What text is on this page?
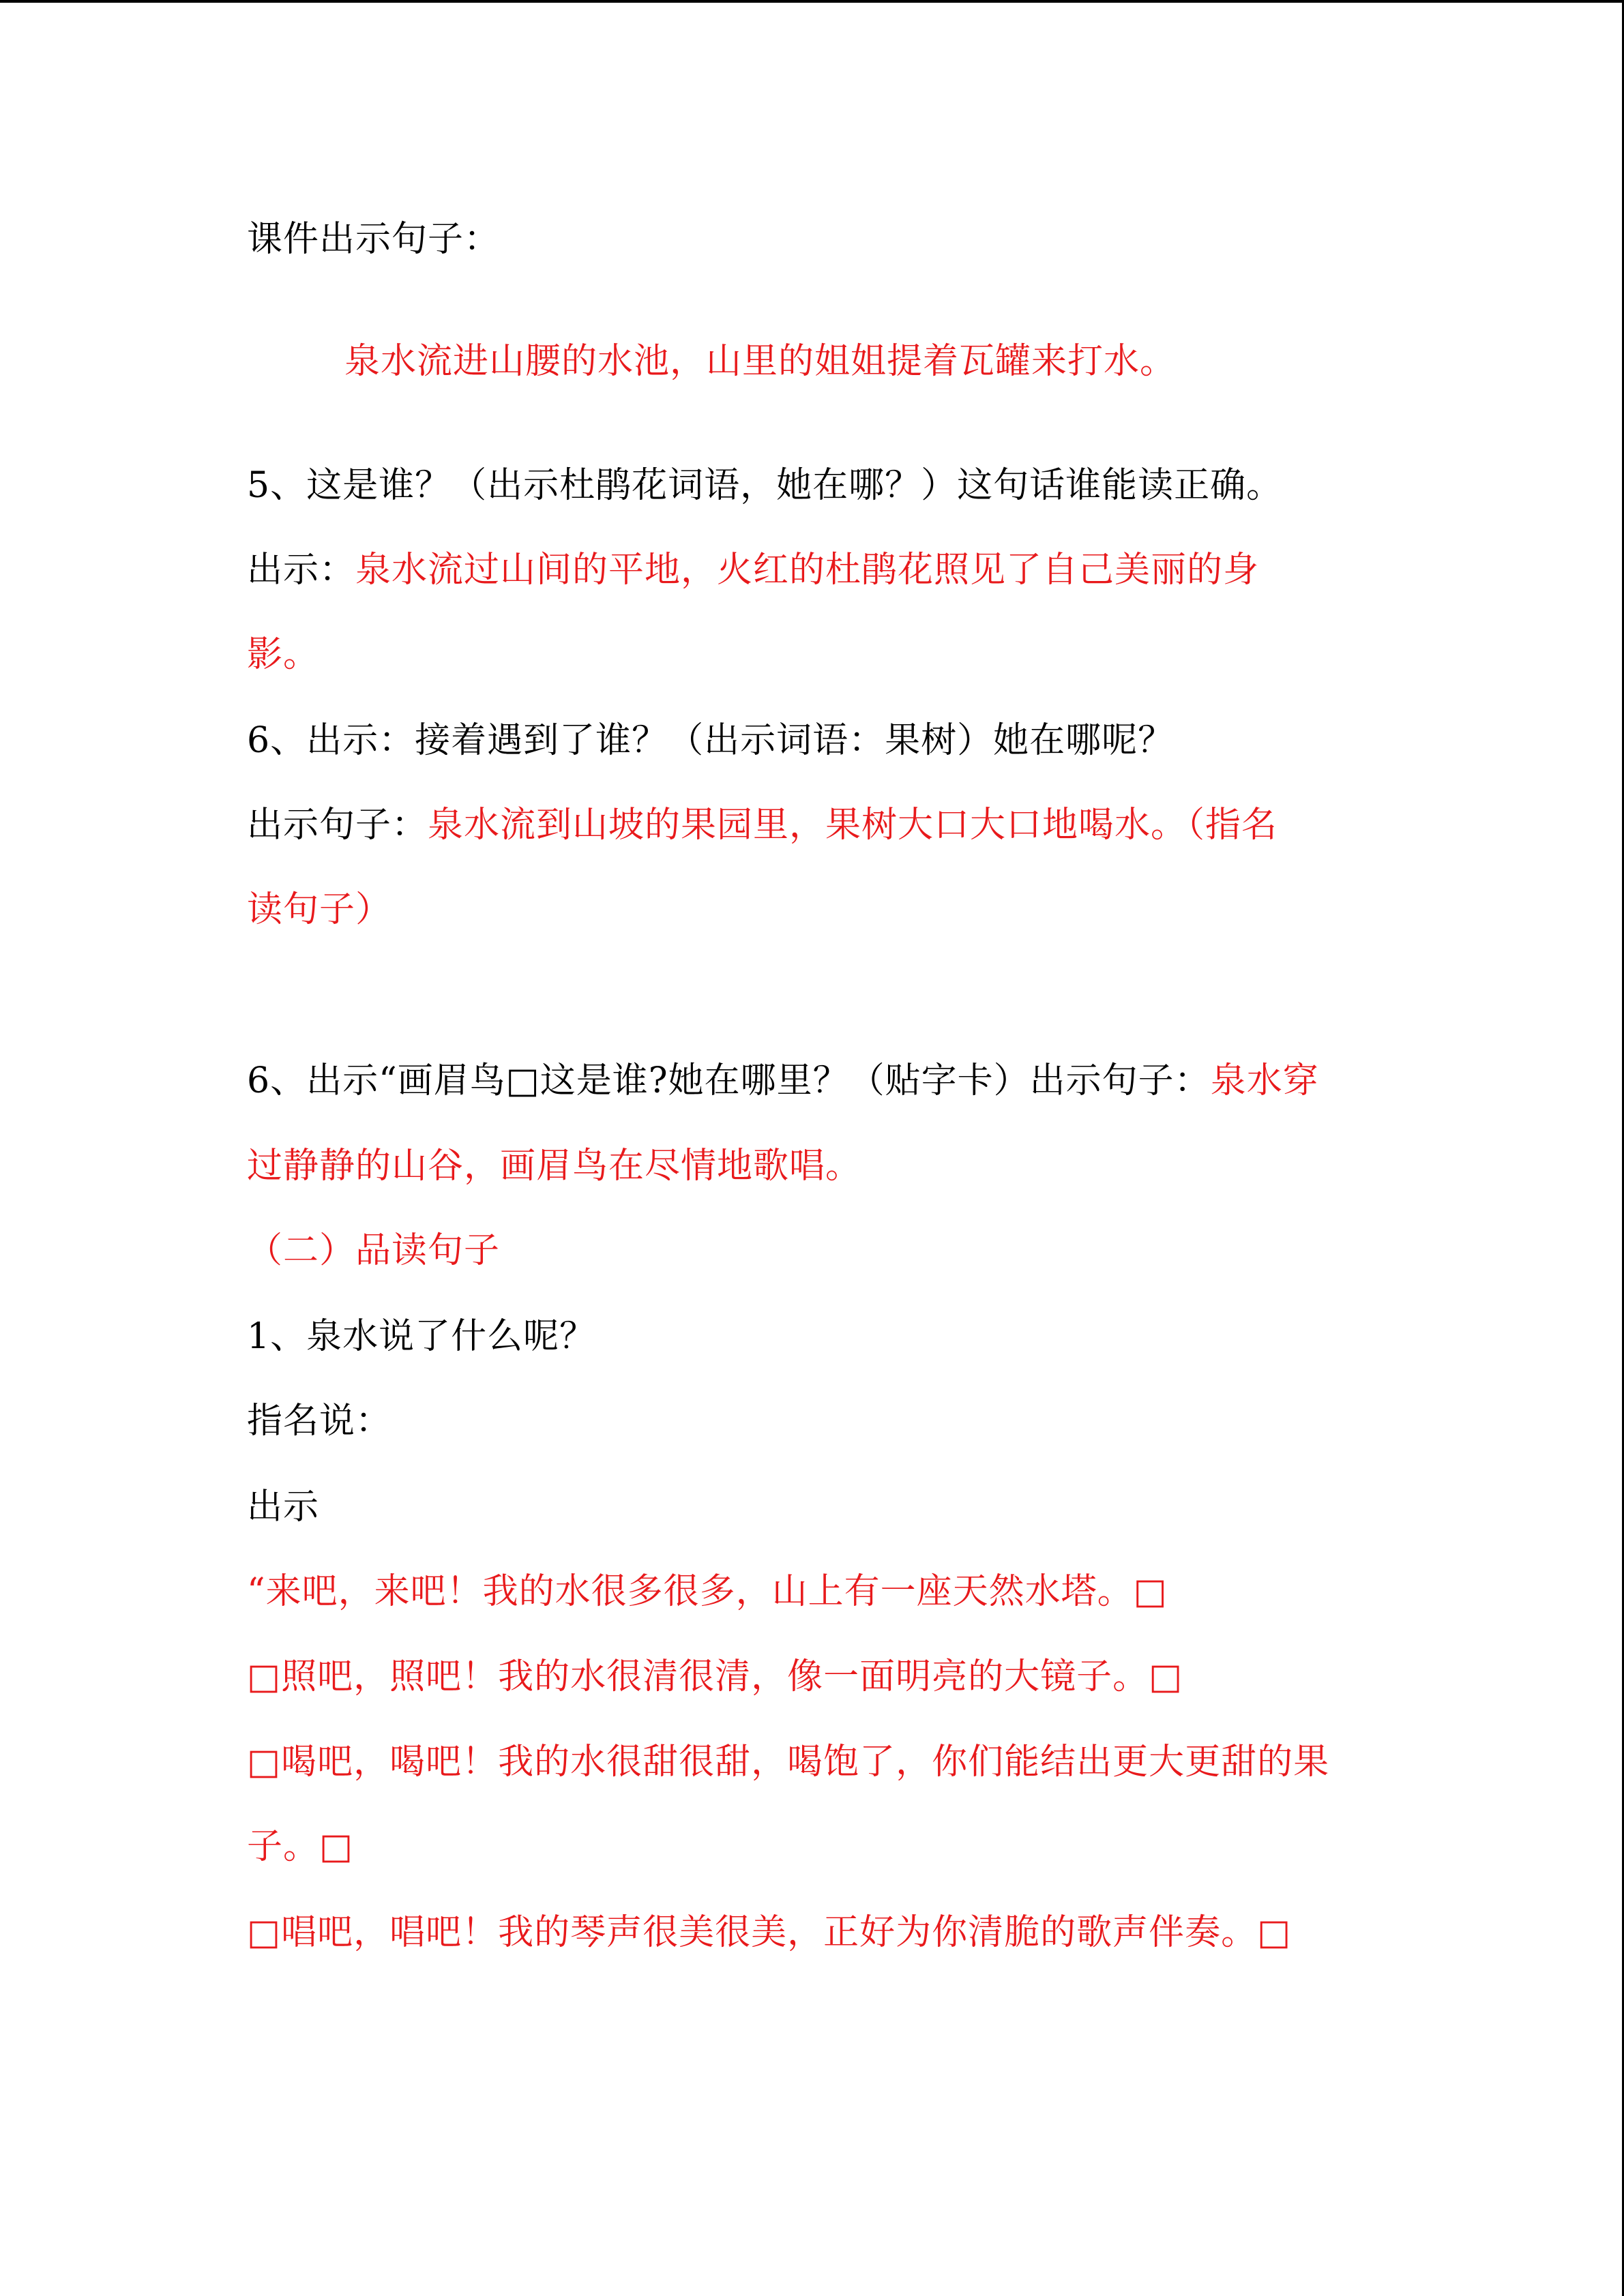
课件出示句子：
泉水流进山腰的水池，山里的姐姐提着瓦罐来打水。
5、这是谁？（出示杜鹃花词语，她在哪？）这句话谁能读正确。
出示：泉水流过山间的平地，火红的杜鹃花照见了自己美丽的身
影。
6、出示：接着遇到了谁？（出示词语：果树）她在哪呢？
出示句子：泉水流到山坡的果园里，果树大口大口地喝水。（指名
读句子）
6、出示“画眉鸟□这是谁?她在哪里？（贴字卡）出示句子：泉水穿
过静静的山谷，画眉鸟在尽情地歌唱。
（二）品读句子
1、泉水说了什么呢？
指名说：
出示
“来吧，来吧！我的水很多很多，山上有一座天然水塔。□
□照吧，照吧！我的水很清很清，像一面明亮的大镜子。□
□喝吧，喝吧！我的水很甜很甜，喝饱了，你们能结出更大更甜的果
子。□
□唱吧，唱吧！我的琴声很美很美，正好为你清脆的歌声伴奏。□
